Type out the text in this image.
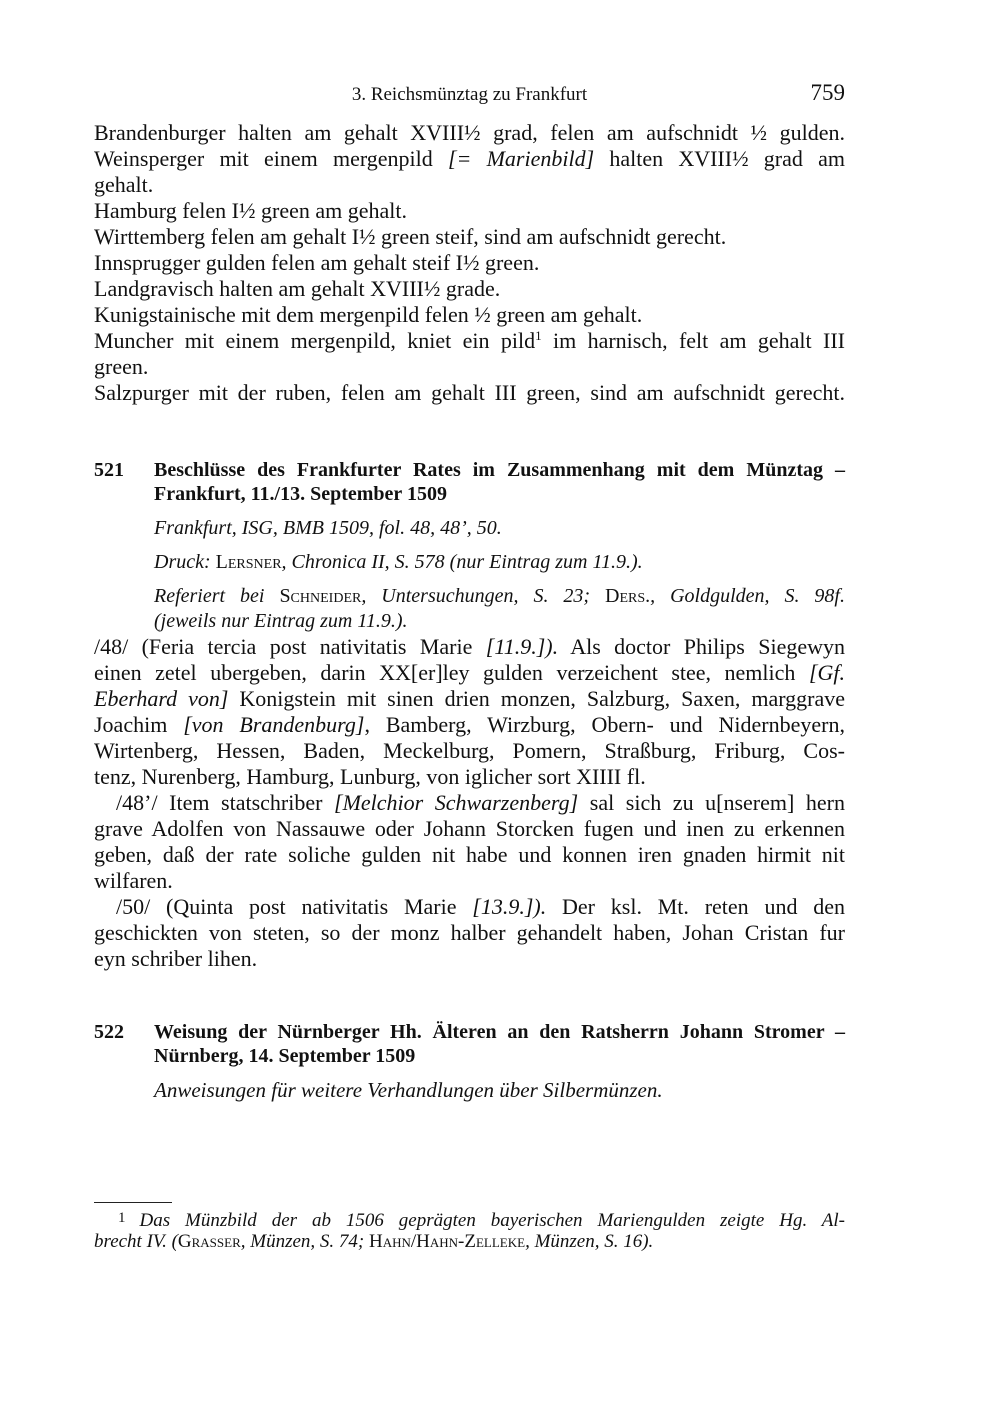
3. Reichsmünztag zu Frankfurt	759
Brandenburger halten am gehalt XVIII½ grad, felen am aufschnidt ½ gulden.
Weinsperger mit einem mergenpild [= Marienbild] halten XVIII½ grad am
gehalt.
Hamburg felen I½ green am gehalt.
Wirttemberg felen am gehalt I½ green steif, sind am aufschnidt gerecht.
Innsprugger gulden felen am gehalt steif I½ green.
Landgravisch halten am gehalt XVIII½ grade.
Kunigstainische mit dem mergenpild felen ½ green am gehalt.
Muncher mit einem mergenpild, kniet ein pild$^1$ im harnisch, felt am gehalt III
green.
Salzpurger mit der ruben, felen am gehalt III green, sind am aufschnidt gerecht.
521 Beschlüsse des Frankfurter Rates im Zusammenhang mit dem Münztag –
Frankfurt, 11./13. September 1509
Frankfurt, ISG, BMB 1509, fol. 48, 48’, 50.
Druck: Lersner, Chronica II, S. 578 (nur Eintrag zum 11.9.).
Referiert bei Schneider, Untersuchungen, S. 23; Ders., Goldgulden, S. 98f.
(jeweils nur Eintrag zum 11.9.).
/48/ (Feria tercia post nativitatis Marie [11.9.]). Als doctor Philips Siegewyn
einen zetel ubergeben, darin XX[er]ley gulden verzeichent stee, nemlich [Gf.
Eberhard von] Konigstein mit sinen drien monzen, Salzburg, Saxen, marggrave
Joachim [von Brandenburg], Bamberg, Wirzburg, Obern- und Nidernbeyern,
Wirtenberg, Hessen, Baden, Meckelburg, Pomern, Straßburg, Friburg, Cos-
tenz, Nurenberg, Hamburg, Lunburg, von iglicher sort XIIII fl.
/48’/ Item statschriber [Melchior Schwarzenberg] sal sich zu u[nserem] hern
grave Adolfen von Nassauwe oder Johann Storcken fugen und inen zu erkennen
geben, daß der rate soliche gulden nit habe und konnen iren gnaden hirmit nit
wilfaren.
/50/ (Quinta post nativitatis Marie [13.9.]). Der ksl. Mt. reten und den
geschickten von steten, so der monz halber gehandelt haben, Johan Cristan fur
eyn schriber lihen.
522 Weisung der Nürnberger Hh. Älteren an den Ratsherrn Johann Stromer –
Nürnberg, 14. September 1509
Anweisungen für weitere Verhandlungen über Silbermünzen.
$^1$ Das Münzbild der ab 1506 geprägten bayerischen Mariengulden zeigte Hg. Al-
brecht IV. (Grasser, Münzen, S. 74; Hahn/Hahn-Zelleke, Münzen, S. 16).
